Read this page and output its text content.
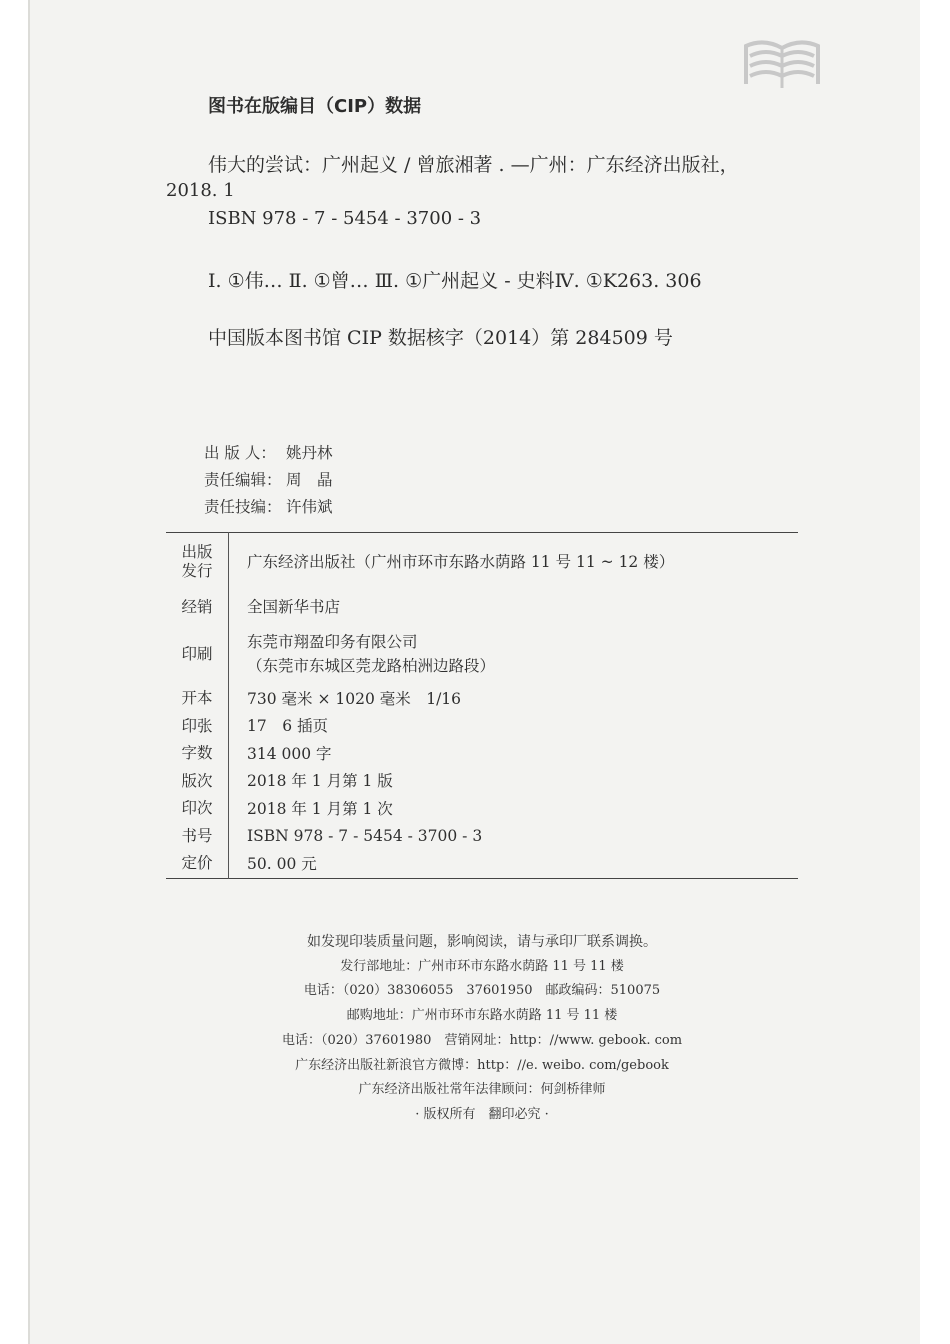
图书在版编目（CIP）数据
伟大的尝试：广州起义 / 曾旅湘著 . —广州：广东经济出版社，
2018. 1
ISBN 978 - 7 - 5454 - 3700 - 3
Ⅰ. ①伟… Ⅱ. ①曾… Ⅲ. ①广州起义 - 史料Ⅳ. ①K263. 306
中国版本图书馆 CIP 数据核字（2014）第 284509 号
出 版 人： 姚丹林
责任编辑： 周　晶
责任技编： 许伟斌
出版
发行	广东经济出版社（广州市环市东路水荫路 11 号 11 ~ 12 楼）
经销	全国新华书店
印刷	东莞市翔盈印务有限公司
（东莞市东城区莞龙路柏洲边路段）

开本	730 毫米 × 1020 毫米　1/16
印张	17　6 插页
字数	314 000 字
版次	2018 年 1 月第 1 版
印次	2018 年 1 月第 1 次
书号	ISBN 978 - 7 - 5454 - 3700 - 3
定价	50. 00 元
如发现印装质量问题，影响阅读，请与承印厂联系调换。
发行部地址：广州市环市东路水荫路 11 号 11 楼
电话：（020）38306055　37601950　邮政编码：510075
邮购地址：广州市环市东路水荫路 11 号 11 楼
电话：（020）37601980　营销网址：http：//www. gebook. com
广东经济出版社新浪官方微博：http：//e. weibo. com/gebook
广东经济出版社常年法律顾问：何剑桥律师
· 版权所有　翻印必究 ·
